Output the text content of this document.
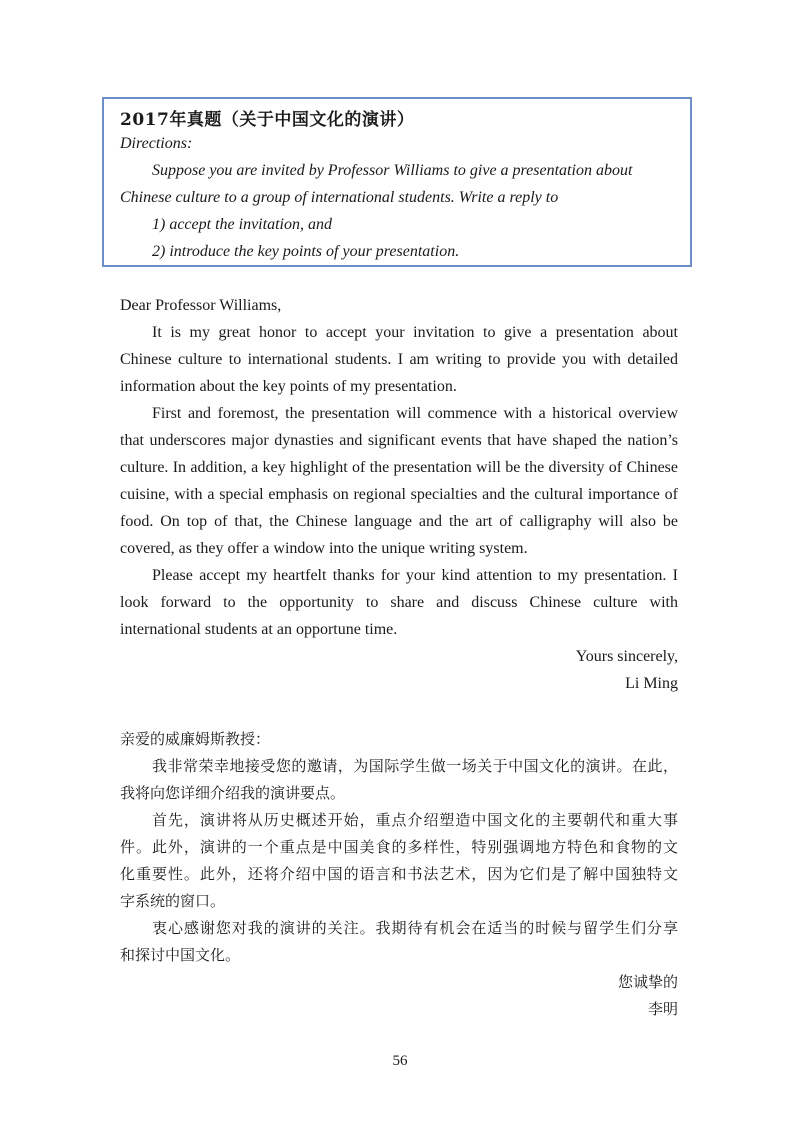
2017年真题（关于中国文化的演讲）
Directions:
Suppose you are invited by Professor Williams to give a presentation about
Chinese culture to a group of international students. Write a reply to
1) accept the invitation, and
2) introduce the key points of your presentation.

Dear Professor Williams,

It is my great honor to accept your invitation to give a presentation about

Chinese culture to international students. I am writing to provide you with detailed

information about the key points of my presentation.

First and foremost, the presentation will commence with a historical overview

that underscores major dynasties and significant events that have shaped the nation’s

culture. In addition, a key highlight of the presentation will be the diversity of Chinese

cuisine, with a special emphasis on regional specialties and the cultural importance of

food. On top of that, the Chinese language and the art of calligraphy will also be

covered, as they offer a window into the unique writing system.

Please accept my heartfelt thanks for your kind attention to my presentation. I

look forward to the opportunity to share and discuss Chinese culture with

international students at an opportune time.

Yours sincerely,

Li Ming

亲爱的威廉姆斯教授：

我非常荣幸地接受您的邀请，为国际学生做一场关于中国文化的演讲。在此，

我将向您详细介绍我的演讲要点。

首先，演讲将从历史概述开始，重点介绍塑造中国文化的主要朝代和重大事

件。此外，演讲的一个重点是中国美食的多样性，特别强调地方特色和食物的文

化重要性。此外，还将介绍中国的语言和书法艺术，因为它们是了解中国独特文

字系统的窗口。

衷心感谢您对我的演讲的关注。我期待有机会在适当的时候与留学生们分享

和探讨中国文化。

您诚挚的

李明

56
